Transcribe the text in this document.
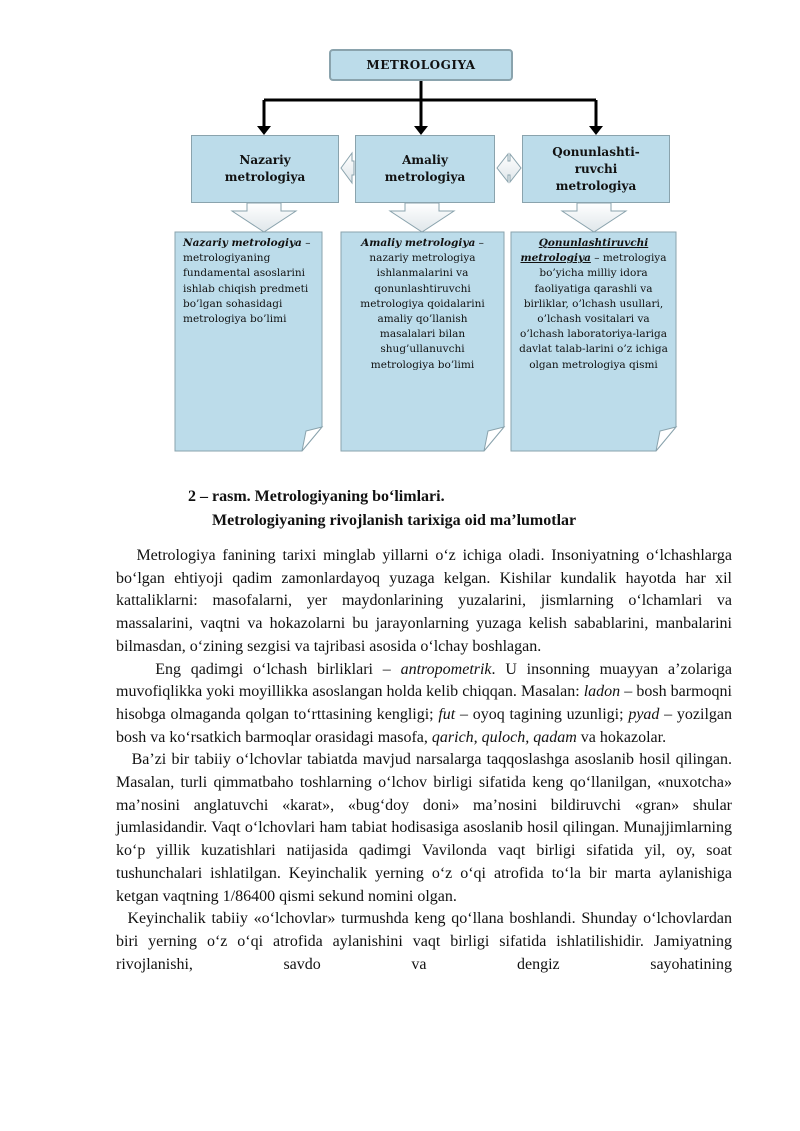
METROLOGIYA
Nazariy
metrologiya
Amaliy
metrologiya
Qonunlashti-
ruvchi
metrologiya
Nazariy metrologiya – metrologiyaning fundamental asoslarini ishlab chiqish predmeti bo’lgan sohasidagi metrologiya bo’limi
Amaliy metrologiya – nazariy metrologiya ishlanmalarini va qonunlashtiruvchi metrologiya qoidalarini amaliy qo’llanish masalalari bilan shug’ullanuvchi metrologiya bo’limi
Qonunlashtiruvchi metrologiya – metrologiya bo’yicha milliy idora faoliyatiga qarashli va birliklar, o’lchash usullari, o’lchash vositalari va o’lchash laboratoriya-lariga davlat talab-larini o’z ichiga olgan metrologiya qismi
2 – rasm. Metrologiyaning bo‘limlari.
Metrologiyaning rivojlanish tarixiga oid ma’lumotlar

Metrologiya fanining tarixi minglab yillarni o‘z ichiga oladi. Insoniyatning o‘lchashlarga bo‘lgan ehtiyoji qadim zamonlardayoq yuzaga kelgan. Kishilar kundalik hayotda har xil kattaliklarni: masofalarni, yer maydonlarining yuzalarini, jismlarning o‘lchamlari va massalarini, vaqtni va hokazolarni bu jarayonlarning yuzaga kelish sabablarini, manbalarini bilmasdan, o‘zining sezgisi va tajribasi asosida o‘lchay boshlagan.

Eng qadimgi o‘lchash birliklari – antropometrik. U insonning muayyan a’zolariga muvofiqlikka yoki moyillikka asoslangan holda kelib chiqqan. Masalan: ladon – bosh barmoqni hisobga olmaganda qolgan to‘rttasining kengligi; fut – oyoq tagining uzunligi; pyad – yozilgan bosh va ko‘rsatkich barmoqlar orasidagi masofa, qarich, quloch, qadam va hokazolar.

Ba’zi bir tabiiy o‘lchovlar tabiatda mavjud narsalarga taqqoslashga asoslanib hosil qilingan. Masalan, turli qimmatbaho toshlarning o‘lchov birligi sifatida keng qo‘llanilgan, «nuxotcha» ma’nosini anglatuvchi «karat», «bug‘doy doni» ma’nosini bildiruvchi «gran» shular jumlasidandir. Vaqt o‘lchovlari ham tabiat hodisasiga asoslanib hosil qilingan. Munajjimlarning ko‘p yillik kuzatishlari natijasida qadimgi Vavilonda vaqt birligi sifatida yil, oy, soat tushunchalari ishlatilgan. Keyinchalik yerning o‘z o‘qi atrofida to‘la bir marta aylanishiga ketgan vaqtning 1/86400 qismi sekund nomini olgan.

Keyinchalik tabiiy «o‘lchovlar» turmushda keng qo‘llana boshlandi. Shunday o‘lchovlardan biri yerning o‘z o‘qi atrofida aylanishini vaqt birligi sifatida ishlatilishidir. Jamiyatning rivojlanishi, savdo va dengiz sayohatining
